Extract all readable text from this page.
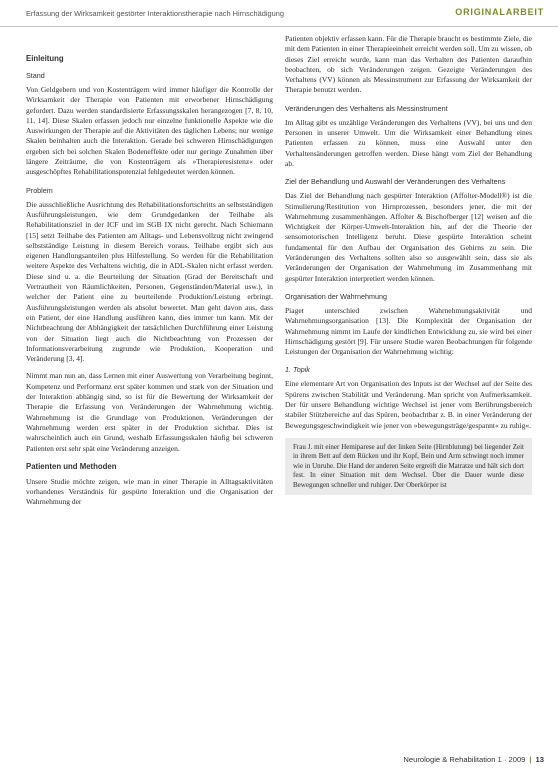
Erfassung der Wirksamkeit gestörter Interaktionstherapie nach Hirnschädigung	ORIGINALARBEIT
Einleitung
Stand

Von Geldgebern und von Kostenträgern wird immer häufiger die Kontrolle der Wirksamkeit der Therapie von Patienten mit erworbener Hirnschädigung gefordert. Dazu werden standardisierte Erfassungsskalen herangezogen [7, 8, 10, 11, 14]. Diese Skalen erfassen jedoch nur einzelne funktionelle Aspekte wie die Auswirkungen der Therapie auf die Aktivitäten des täglichen Lebens; nur wenige Skalen beinhalten auch die Interaktion. Gerade bei schweren Hirnschädigungen ergeben sich bei solchen Skalen Bodeneffekte oder nur geringe Zunahmen über längere Zeiträume, die von Kostenträgern als »Therapieresistenz« oder ausgeschöpftes Rehabilitationspotenzial fehlgedeutet werden können.

Problem

Die ausschließliche Ausrichtung des Rehabilitationsfortschritts an selbstständigen Ausführungsleistungen, wie dem Grundgedanken der Teilhabe als Rehabilitationsziel in der ICF und im SGB IX nicht gerecht. Nach Schiemann [15] setzt Teilhabe des Patienten am Alltags- und Lebensvollzug nicht zwingend selbstständige Leistung in diesem Bereich voraus. Teilhabe ergibt sich aus eigenen Handlungsanteilen plus Hilfestellung. So werden für die Rehabilitation weitere Aspekte des Verhaltens wichtig, die in ADL-Skalen nicht erfasst werden. Diese sind u. a. die Beurteilung der Situation (Grad der Bereitschaft und Vertrautheit von Räumlichkeiten, Personen, Gegenständen/Material usw.), in welcher der Patient eine zu beurteilende Produktion/Leistung erbringt. Ausführungsleistungen werden als absolut bewertet. Man geht davon aus, dass ein Patient, der eine Handlung ausführen kann, dies immer tun kann. Mit der Nichtbeachtung der Abhängigkeit der tatsächlichen Durchführung einer Leistung von der Situation liegt auch die Nichtbeachtung von Prozessen der Informationsverarbeitung zugrunde wie Produktion, Kooperation und Veränderung [3, 4].

Nimmt man nun an, dass Lernen mit einer Auswertung von Verarbeitung beginnt, Kompetenz und Performanz erst später kommen und stark von der Situation und der Interaktion abhängig sind, so ist für die Bewertung der Wirksamkeit der Therapie die Erfassung von Veränderungen der Wahrnehmung wichtig. Wahrnehmung ist die Grundlage von Produktionen. Veränderungen der Wahrnehmung werden erst später in der Produktion sichtbar. Dies ist wahrscheinlich auch ein Grund, weshalb Erfassungsskalen häufig bei schweren Patienten erst sehr spät eine Veränderung anzeigen.

Patienten und Methoden

Unsere Studie möchte zeigen, wie man in einer Therapie in Alltagsaktivitäten vorhandenes Verständnis für gespürte Interaktion und die Organisation der Wahrnehmung der

Patienten objektiv erfassen kann. Für die Therapie braucht es bestimmte Ziele, die mit dem Patienten in einer Therapieeinheit erreicht werden soll. Um zu wissen, ob dieses Ziel erreicht wurde, kann man das Verhalten des Patienten daraufhin beobachten, ob sich Veränderungen zeigen. Gezeigte Veränderungen des Verhaltens (VV) können als Messinstrument zur Erfassung der Wirksamkeit der Therapie benutzt werden.

Veränderungen des Verhaltens als Messinstrument

Im Alltag gibt es unzählige Veränderungen des Verhaltens (VV), bei uns und den Personen in unserer Umwelt. Um die Wirksamkeit einer Behandlung eines Patienten erfassen zu können, muss eine Auswahl unter den Verhaltensänderungen getroffen werden. Diese hängt vom Ziel der Behandlung ab.

Ziel der Behandlung und Auswahl der Veränderungen des Verhaltens

Das Ziel der Behandlung nach gespürter Interaktion (Affolter-Modell®) ist die Stimulierung/Restitution von Hirnprozessen, besonders jener, die mit der Wahrnehmung zusammenhängen. Affolter & Bischofberger [12] weisen auf die Wichtigkeit der Körper-Umwelt-Interaktion hin, auf der die Theorie der sensomotorischen Intelligenz beruht. Diese gespürte Interaktion scheint fundamental für den Aufbau der Organisation des Gehirns zu sein. Die Veränderungen des Verhaltens sollten also so ausgewählt sein, dass sie als Veränderungen der Organisation der Wahrnehmung im Zusammenhang mit gespürter Interaktion interpretiert werden können.

Organisation der Wahrnehmung

Piaget unterschied zwischen Wahrnehmungsaktivität und Wahrnehmungsorganisation [13]. Die Komplexität der Organisation der Wahrnehmung nimmt im Laufe der kindlichen Entwicklung zu, sie wird bei einer Hirnschädigung gestört [9]. Für unsere Studie waren Beobachtungen für folgende Leistungen der Organisation der Wahrnehmung wichtig:

1. Topik

Eine elementare Art von Organisation des Inputs ist der Wechsel auf der Seite des Spürens zwischen Stabilität und Veränderung. Man spricht von Aufmerksamkeit. Der für unsere Behandlung wichtige Wechsel ist jener vom Berührungsbereich stabiler Stützbereiche auf das Spüren, beobachtbar z. B. in einer Veränderung der Bewegungsgeschwindigkeit wie jener von »bewegungsträge/gespannt« zu ruhig«.

Frau J. mit einer Hemiparese auf der linken Seite (Hirnblutung) bei liegender Zeit in ihrem Bett auf dem Rücken und ihr Kopf, Bein und Arm schwingt noch immer wie in Unruhe. Die Hand der anderen Seite ergreift die Matratze und hält sich dort fest. In einer Situation mit dem Wechsel. Über die Dauer wurde diese Bewegungen schneller und ruhiger. Der Oberkörper ist

Neurologie & Rehabilitation 1 · 2009 | 13
